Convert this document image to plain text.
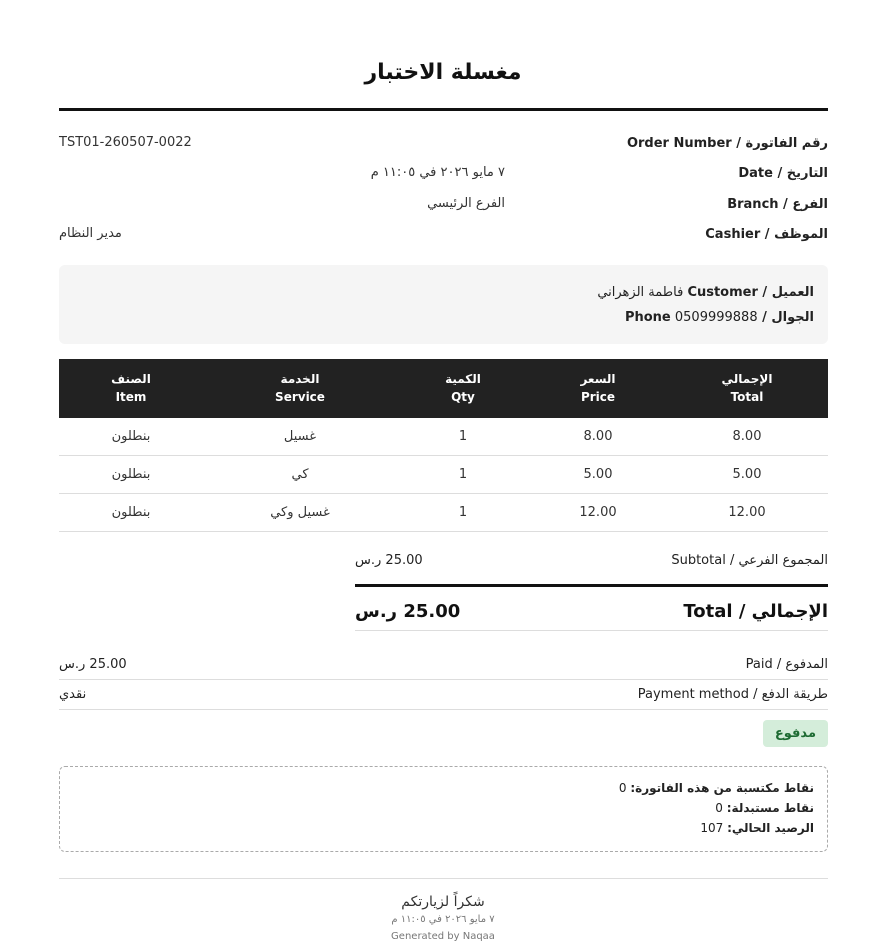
مغسلة الاختبار
رقم الفاتورة / Order Number
TST01-260507-0022
التاريخ / Date
٧ مايو ٢٠٢٦ في ١١:٠٥ م
الفرع / Branch
الفرع الرئيسي
الموظف / Cashier
مدير النظام
العميل / Customer فاطمة الزهراني
الجوال / Phone 0509999888
الإجمالي
Total
السعر
Price
الكمية
Qty
الخدمة
Service
الصنف
Item
8.00
8.00
1
غسيل
بنطلون
5.00
5.00
1
كي
بنطلون
12.00
12.00
1
غسيل وكي
بنطلون
المجموع الفرعي / Subtotal
25.00 ر.س
الإجمالي / Total
25.00 ر.س
المدفوع / Paid
25.00 ر.س
طريقة الدفع / Payment method
نقدي
مدفوع
نقاط مكتسبة من هذه الفاتورة: 0
نقاط مستبدلة: 0
الرصيد الحالي: 107
شكراً لزيارتكم
٧ مايو ٢٠٢٦ في ١١:٠٥ م
Generated by Naqaa
